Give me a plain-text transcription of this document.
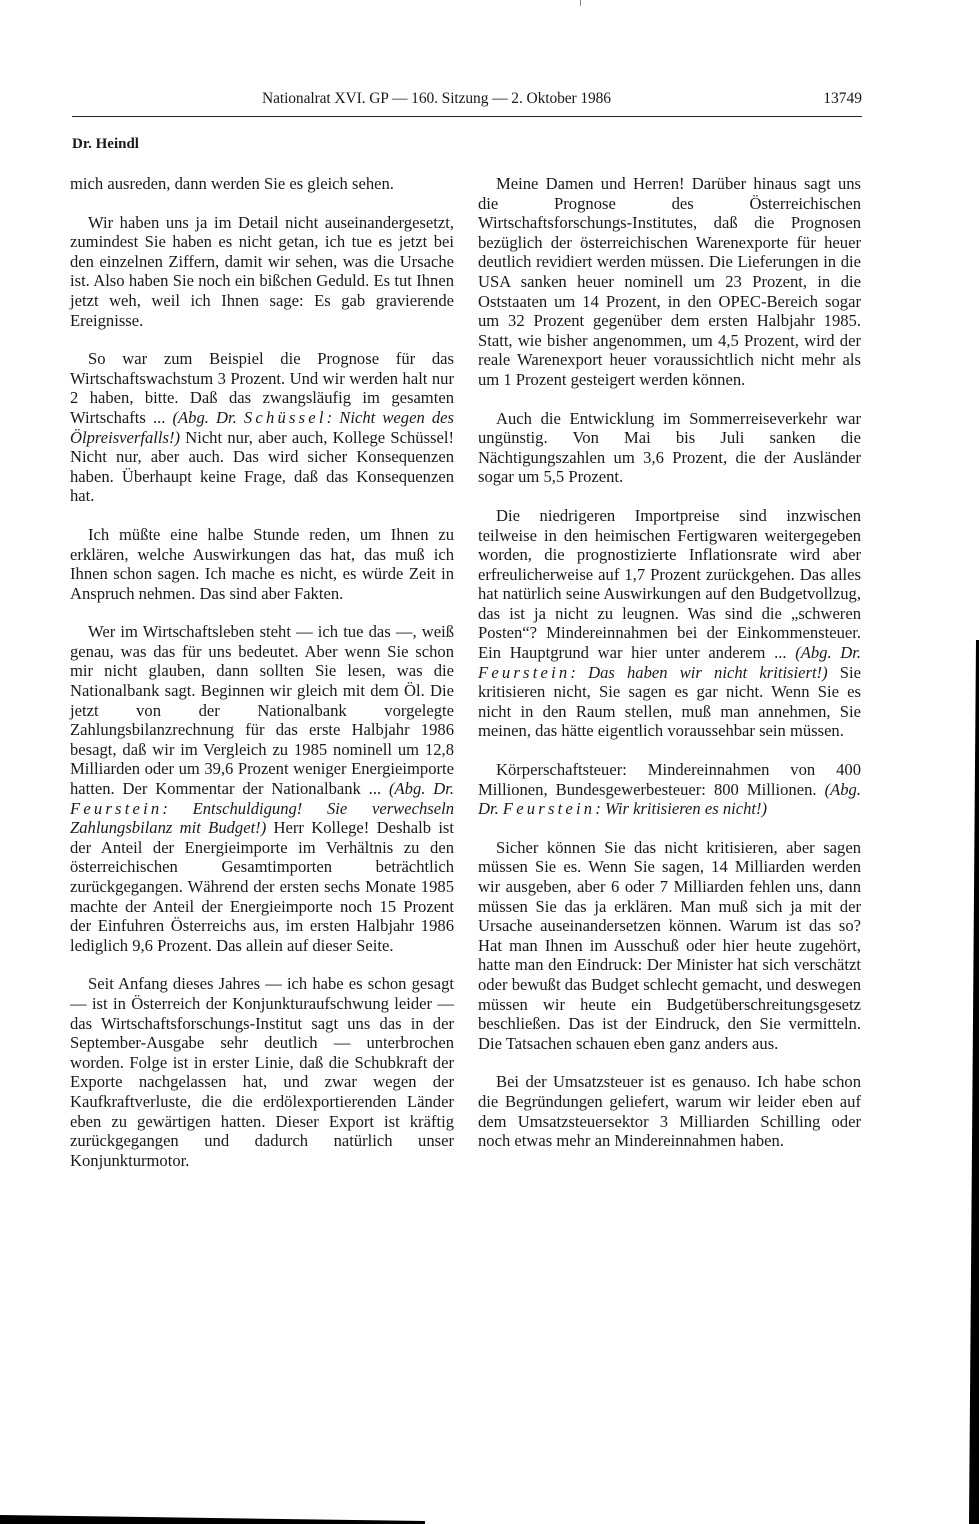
Nationalrat XVI. GP — 160. Sitzung — 2. Oktober 1986	13749
Dr. Heindl

mich ausreden, dann werden Sie es gleich sehen.

Wir haben uns ja im Detail nicht auseinandergesetzt, zumindest Sie haben es nicht getan, ich tue es jetzt bei den einzelnen Ziffern, damit wir sehen, was die Ursache ist. Also haben Sie noch ein bißchen Geduld. Es tut Ihnen jetzt weh, weil ich Ihnen sage: Es gab gravierende Ereignisse.

So war zum Beispiel die Prognose für das Wirtschaftswachstum 3 Prozent. Und wir werden halt nur 2 haben, bitte. Daß das zwangsläufig im gesamten Wirtschafts ... (Abg. Dr. Schüssel: Nicht wegen des Ölpreisverfalls!) Nicht nur, aber auch, Kollege Schüssel! Nicht nur, aber auch. Das wird sicher Konsequenzen haben. Überhaupt keine Frage, daß das Konsequenzen hat.

Ich müßte eine halbe Stunde reden, um Ihnen zu erklären, welche Auswirkungen das hat, das muß ich Ihnen schon sagen. Ich mache es nicht, es würde Zeit in Anspruch nehmen. Das sind aber Fakten.

Wer im Wirtschaftsleben steht — ich tue das —, weiß genau, was das für uns bedeutet. Aber wenn Sie schon mir nicht glauben, dann sollten Sie lesen, was die Nationalbank sagt. Beginnen wir gleich mit dem Öl. Die jetzt von der Nationalbank vorgelegte Zahlungsbilanzrechnung für das erste Halbjahr 1986 besagt, daß wir im Vergleich zu 1985 nominell um 12,8 Milliarden oder um 39,6 Prozent weniger Energieimporte hatten. Der Kommentar der Nationalbank ... (Abg. Dr. Feurstein: Entschuldigung! Sie verwechseln Zahlungsbilanz mit Budget!) Herr Kollege! Deshalb ist der Anteil der Energieimporte im Verhältnis zu den österreichischen Gesamtimporten beträchtlich zurückgegangen. Während der ersten sechs Monate 1985 machte der Anteil der Energieimporte noch 15 Prozent der Einfuhren Österreichs aus, im ersten Halbjahr 1986 lediglich 9,6 Prozent. Das allein auf dieser Seite.

Seit Anfang dieses Jahres — ich habe es schon gesagt — ist in Österreich der Konjunkturaufschwung leider — das Wirtschaftsforschungs-Institut sagt uns das in der September-Ausgabe sehr deutlich — unterbrochen worden. Folge ist in erster Linie, daß die Schubkraft der Exporte nachgelassen hat, und zwar wegen der Kaufkraftverluste, die die erdölexportierenden Länder eben zu gewärtigen hatten. Dieser Export ist kräftig zurückgegangen und dadurch natürlich unser Konjunkturmotor.

Meine Damen und Herren! Darüber hinaus sagt uns die Prognose des Österreichischen Wirtschaftsforschungs-Institutes, daß die Prognosen bezüglich der österreichischen Warenexporte für heuer deutlich revidiert werden müssen. Die Lieferungen in die USA sanken heuer nominell um 23 Prozent, in die Oststaaten um 14 Prozent, in den OPEC-Bereich sogar um 32 Prozent gegenüber dem ersten Halbjahr 1985. Statt, wie bisher angenommen, um 4,5 Prozent, wird der reale Warenexport heuer voraussichtlich nicht mehr als um 1 Prozent gesteigert werden können.

Auch die Entwicklung im Sommerreiseverkehr war ungünstig. Von Mai bis Juli sanken die Nächtigungszahlen um 3,6 Prozent, die der Ausländer sogar um 5,5 Prozent.

Die niedrigeren Importpreise sind inzwischen teilweise in den heimischen Fertigwaren weitergegeben worden, die prognostizierte Inflationsrate wird aber erfreulicherweise auf 1,7 Prozent zurückgehen. Das alles hat natürlich seine Auswirkungen auf den Budgetvollzug, das ist ja nicht zu leugnen. Was sind die „schweren Posten“? Mindereinnahmen bei der Einkommensteuer. Ein Hauptgrund war hier unter anderem ... (Abg. Dr. Feurstein: Das haben wir nicht kritisiert!) Sie kritisieren nicht, Sie sagen es gar nicht. Wenn Sie es nicht in den Raum stellen, muß man annehmen, Sie meinen, das hätte eigentlich voraussehbar sein müssen.

Körperschaftsteuer: Mindereinnahmen von 400 Millionen, Bundesgewerbesteuer: 800 Millionen. (Abg. Dr. Feurstein: Wir kritisieren es nicht!)

Sicher können Sie das nicht kritisieren, aber sagen müssen Sie es. Wenn Sie sagen, 14 Milliarden werden wir ausgeben, aber 6 oder 7 Milliarden fehlen uns, dann müssen Sie das ja erklären. Man muß sich ja mit der Ursache auseinandersetzen können. Warum ist das so? Hat man Ihnen im Ausschuß oder hier heute zugehört, hatte man den Eindruck: Der Minister hat sich verschätzt oder bewußt das Budget schlecht gemacht, und deswegen müssen wir heute ein Budgetüberschreitungsgesetz beschließen. Das ist der Eindruck, den Sie vermitteln. Die Tatsachen schauen eben ganz anders aus.

Bei der Umsatzsteuer ist es genauso. Ich habe schon die Begründungen geliefert, warum wir leider eben auf dem Umsatzsteuersektor 3 Milliarden Schilling oder noch etwas mehr an Mindereinnahmen haben.
